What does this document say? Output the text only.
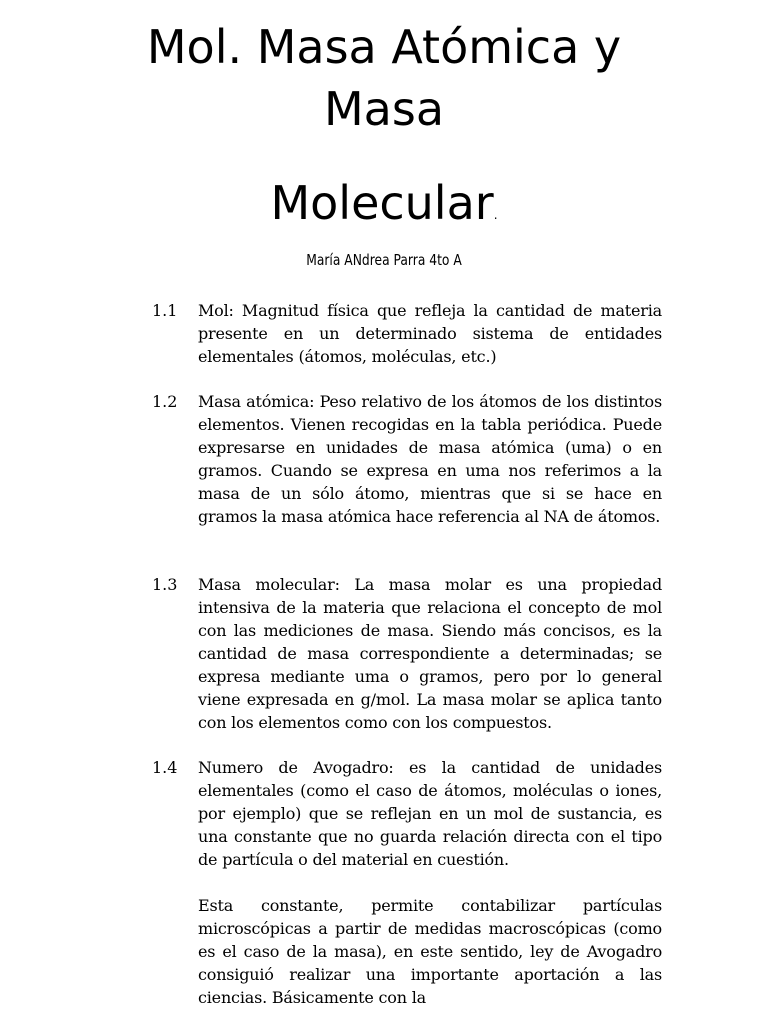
Mol. Masa Atómica y
Masa
Molecular.
María ANdrea Parra 4to A
1.1 Mol: Magnitud física que refleja la cantidad de materia presente en un determinado sistema de entidades elementales (átomos, moléculas, etc.)
1.2 Masa atómica: Peso relativo de los átomos de los distintos elementos. Vienen recogidas en la tabla periódica. Puede expresarse en unidades de masa atómica (uma) o en gramos. Cuando se expresa en uma nos referimos a la masa de un sólo átomo, mientras que si se hace en gramos la masa atómica hace referencia al NA de átomos.
1.3 Masa molecular: La masa molar es una propiedad intensiva de la materia que relaciona el concepto de mol con las mediciones de masa. Siendo más concisos, es la cantidad de masa correspondiente a determinadas; se expresa mediante uma o gramos, pero por lo general viene expresada en g/mol. La masa molar se aplica tanto con los elementos como con los compuestos.
1.4 Numero de Avogadro: es la cantidad de unidades elementales (como el caso de átomos, moléculas o iones, por ejemplo) que se reflejan en un mol de sustancia, es una constante que no guarda relación directa con el tipo de partícula o del material en cuestión.
Esta constante, permite contabilizar partículas microscópicas a partir de medidas macroscópicas (como es el caso de la masa), en este sentido, ley de Avogadro consiguió realizar una importante aportación a las ciencias. Básicamente con la
